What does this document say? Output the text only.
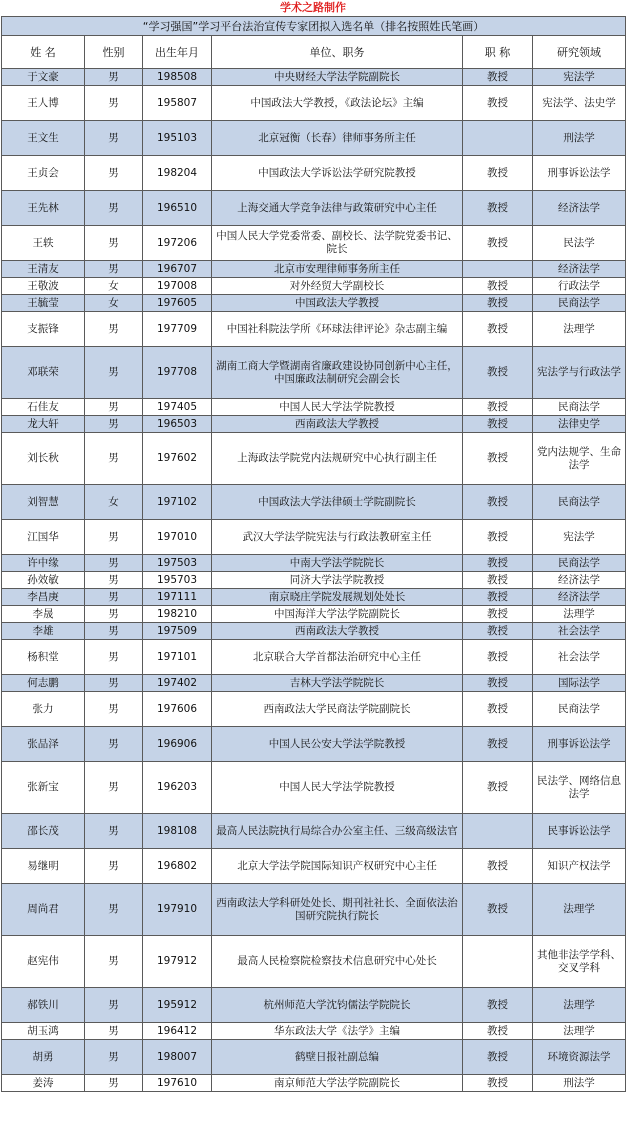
学术之路制作
“学习强国”学习平台法治宣传专家团拟入选名单（排名按照姓氏笔画）					
姓 名	性别	出生年月	单位、职务	职 称	研究领域
于文豪	男	198508	中央财经大学法学院副院长	教授	宪法学
王人博	男	195807	中国政法大学教授，《政法论坛》主编	教授	宪法学、法史学
王文生	男	195103	北京冠衡（长春）律师事务所主任		刑法学
王贞会	男	198204	中国政法大学诉讼法学研究院教授	教授	刑事诉讼法学
王先林	男	196510	上海交通大学竞争法律与政策研究中心主任	教授	经济法学
王轶	男	197206	中国人民大学党委常委、副校长、法学院党委书记、院长	教授	民法学
王清友	男	196707	北京市安理律师事务所主任		经济法学
王敬波	女	197008	对外经贸大学副校长	教授	行政法学
王毓莹	女	197605	中国政法大学教授	教授	民商法学
支振锋	男	197709	中国社科院法学所《环球法律评论》杂志副主编	教授	法理学
邓联荣	男	197708	湖南工商大学暨湖南省廉政建设协同创新中心主任，中国廉政法制研究会副会长	教授	宪法学与行政法学
石佳友	男	197405	中国人民大学法学院教授	教授	民商法学
龙大轩	男	196503	西南政法大学教授	教授	法律史学
刘长秋	男	197602	上海政法学院党内法规研究中心执行副主任	教授	党内法规学、生命法学
刘智慧	女	197102	中国政法大学法律硕士学院副院长	教授	民商法学
江国华	男	197010	武汉大学法学院宪法与行政法教研室主任	教授	宪法学
许中缘	男	197503	中南大学法学院院长	教授	民商法学
孙效敏	男	195703	同济大学法学院教授	教授	经济法学
李昌庚	男	197111	南京晓庄学院发展规划处处长	教授	经济法学
李晟	男	198210	中国海洋大学法学院副院长	教授	法理学
李雄	男	197509	西南政法大学教授	教授	社会法学
杨积堂	男	197101	北京联合大学首都法治研究中心主任	教授	社会法学
何志鹏	男	197402	吉林大学法学院院长	教授	国际法学
张力	男	197606	西南政法大学民商法学院副院长	教授	民商法学
张品泽	男	196906	中国人民公安大学法学院教授	教授	刑事诉讼法学
张新宝	男	196203	中国人民大学法学院教授	教授	民法学、网络信息法学
邵长茂	男	198108	最高人民法院执行局综合办公室主任、三级高级法官		民事诉讼法学
易继明	男	196802	北京大学法学院国际知识产权研究中心主任	教授	知识产权法学
周尚君	男	197910	西南政法大学科研处处长、期刊社社长、全面依法治国研究院执行院长	教授	法理学
赵宪伟	男	197912	最高人民检察院检察技术信息研究中心处长		其他非法学学科、交叉学科
郝铁川	男	195912	杭州师范大学沈钧儒法学院院长	教授	法理学
胡玉鸿	男	196412	华东政法大学《法学》主编	教授	法理学
胡勇	男	198007	鹤壁日报社副总编	教授	环境资源法学
姜涛	男	197610	南京师范大学法学院副院长	教授	刑法学
